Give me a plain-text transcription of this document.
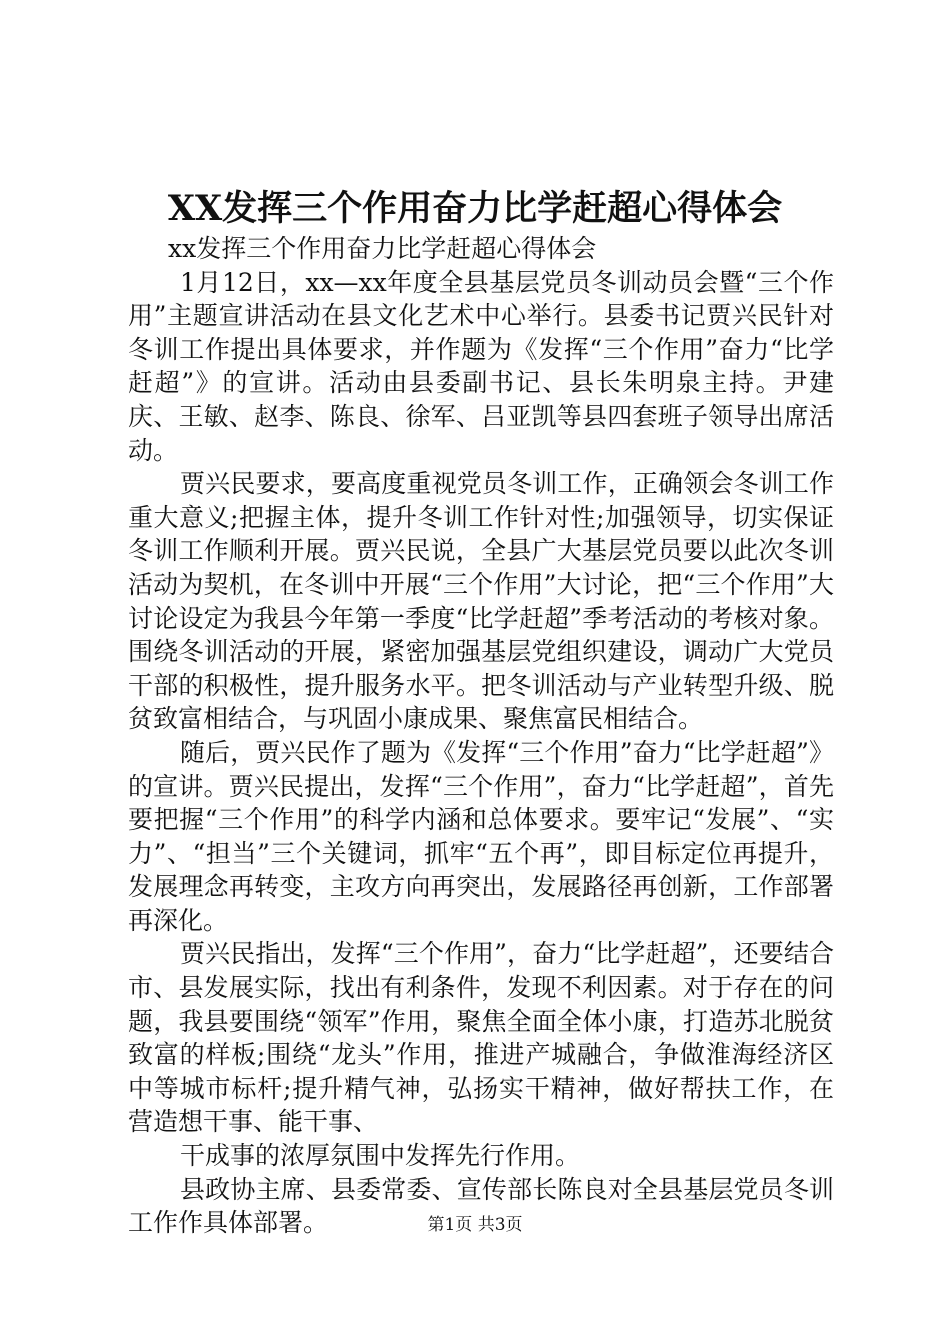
XX发挥三个作用奋力比学赶超心得体会

xx发挥三个作用奋力比学赶超心得体会

1月12日，xx—xx年度全县基层党员冬训动员会暨“三个作用”主题宣讲活动在县文化艺术中心举行。县委书记贾兴民针对冬训工作提出具体要求，并作题为《发挥“三个作用”奋力“比学赶超”》的宣讲。活动由县委副书记、县长朱明泉主持。尹建庆、王敏、赵李、陈良、徐军、吕亚凯等县四套班子领导出席活动。

贾兴民要求，要高度重视党员冬训工作，正确领会冬训工作重大意义;把握主体，提升冬训工作针对性;加强领导，切实保证冬训工作顺利开展。贾兴民说，全县广大基层党员要以此次冬训活动为契机，在冬训中开展“三个作用”大讨论，把“三个作用”大讨论设定为我县今年第一季度“比学赶超”季考活动的考核对象。围绕冬训活动的开展，紧密加强基层党组织建设，调动广大党员干部的积极性，提升服务水平。把冬训活动与产业转型升级、脱贫致富相结合，与巩固小康成果、聚焦富民相结合。

随后，贾兴民作了题为《发挥“三个作用”奋力“比学赶超”》的宣讲。贾兴民提出，发挥“三个作用”，奋力“比学赶超”，首先要把握“三个作用”的科学内涵和总体要求。要牢记“发展”、“实力”、“担当”三个关键词，抓牢“五个再”，即目标定位再提升，发展理念再转变，主攻方向再突出，发展路径再创新，工作部署再深化。

贾兴民指出，发挥“三个作用”，奋力“比学赶超”，还要结合市、县发展实际，找出有利条件，发现不利因素。对于存在的问题，我县要围绕“领军”作用，聚焦全面全体小康，打造苏北脱贫致富的样板;围绕“龙头”作用，推进产城融合，争做淮海经济区中等城市标杆;提升精气神，弘扬实干精神，做好帮扶工作，在营造想干事、能干事、

干成事的浓厚氛围中发挥先行作用。

县政协主席、县委常委、宣传部长陈良对全县基层党员冬训工作作具体部署。	第1页 共3页
